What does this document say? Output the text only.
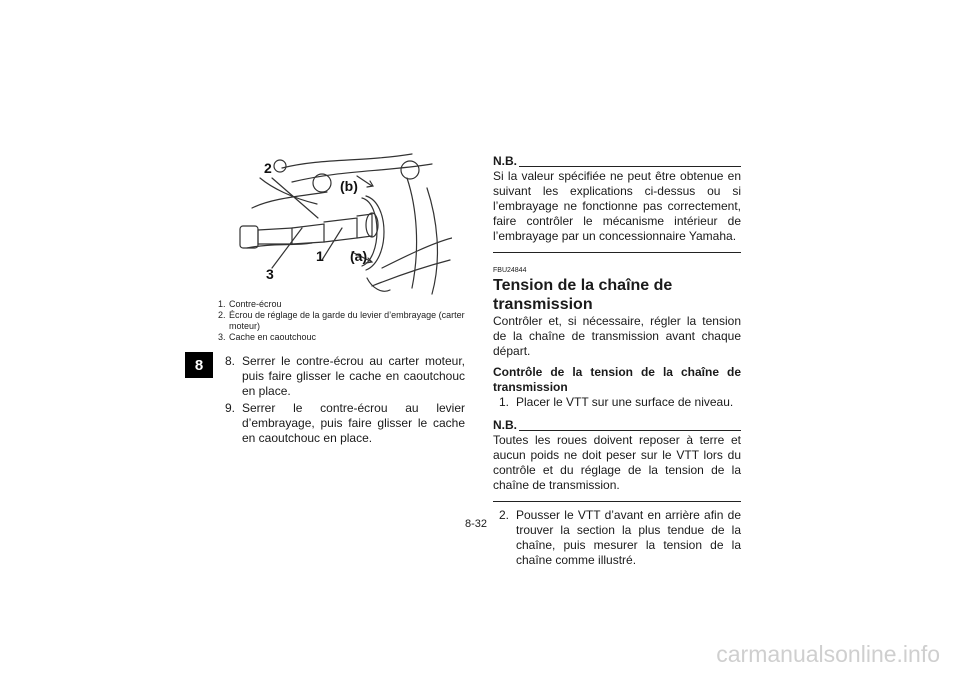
8
2
(b)
1 (a)
3
1. Contre-écrou
2. Écrou de réglage de la garde du levier d’embrayage (carter moteur)
3. Cache en caoutchouc
8. Serrer le contre-écrou au carter moteur, puis faire glisser le cache en caoutchouc en place.
9. Serrer le contre-écrou au levier d’embrayage, puis faire glisser le cache en caoutchouc en place.
N.B.
Si la valeur spécifiée ne peut être obtenue en suivant les explications ci-dessus ou si l’embrayage ne fonctionne pas correctement, faire contrôler le mécanisme intérieur de l’embrayage par un concessionnaire Yamaha.
FBU24844
Tension de la chaîne de transmission
Contrôler et, si nécessaire, régler la tension de la chaîne de transmission avant chaque départ.
Contrôle de la tension de la chaîne de transmission
1. Placer le VTT sur une surface de niveau.
N.B.
Toutes les roues doivent reposer à terre et aucun poids ne doit peser sur le VTT lors du contrôle et du réglage de la tension de la chaîne de transmission.
2. Pousser le VTT d’avant en arrière afin de trouver la section la plus tendue de la chaîne, puis mesurer la tension de la chaîne comme illustré.
8-32
carmanualsonline.info
